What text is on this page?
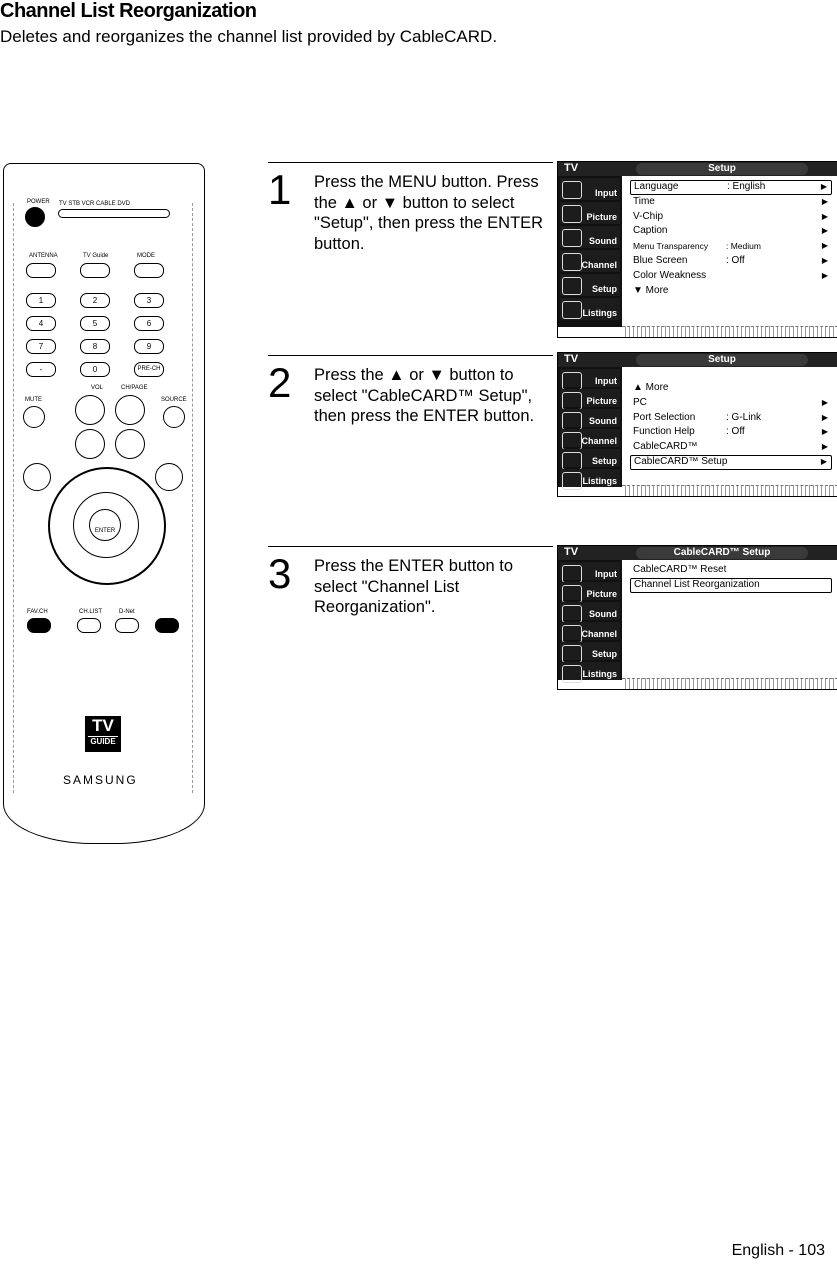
Channel List Reorganization
Deletes and reorganizes the channel list provided by CableCARD.
POWER TV STB VCR CABLE DVD
ANTENNA	TV Guide	MODE
1	2	3
4	5	6
7	8	9
-	0	PRE-CH
VOL	CH/PAGE
MUTE	SOURCE
ENTER
FAV.CH	CH.LIST	D-Net
TV
GUIDE
SAMSUNG
1 Press the MENU button. Press the ▲ or ▼ button to select "Setup", then press the ENTER button.
TV	Setup
Input
Picture
Sound
Channel
Setup
Listings
Language	: English	▶
Time	▶
V-Chip	▶
Caption	▶
Menu Transparency : Medium	▶
Blue Screen	: Off	▶
Color Weakness	▶
▼ More
2 Press the ▲ or ▼ button to select "CableCARD™ Setup", then press the ENTER button.
TV	Setup
Input
Picture
Sound
Channel
Setup
Listings
▲ More
PC	▶
Port Selection	: G-Link	▶
Function Help	: Off	▶
CableCARD™	▶
CableCARD™ Setup	▶
3 Press the ENTER button to select "Channel List Reorganization".
TV	CableCARD™ Setup
Input
Picture
Sound
Channel
Setup
Listings
CableCARD™ Reset
Channel List Reorganization
English - 103
